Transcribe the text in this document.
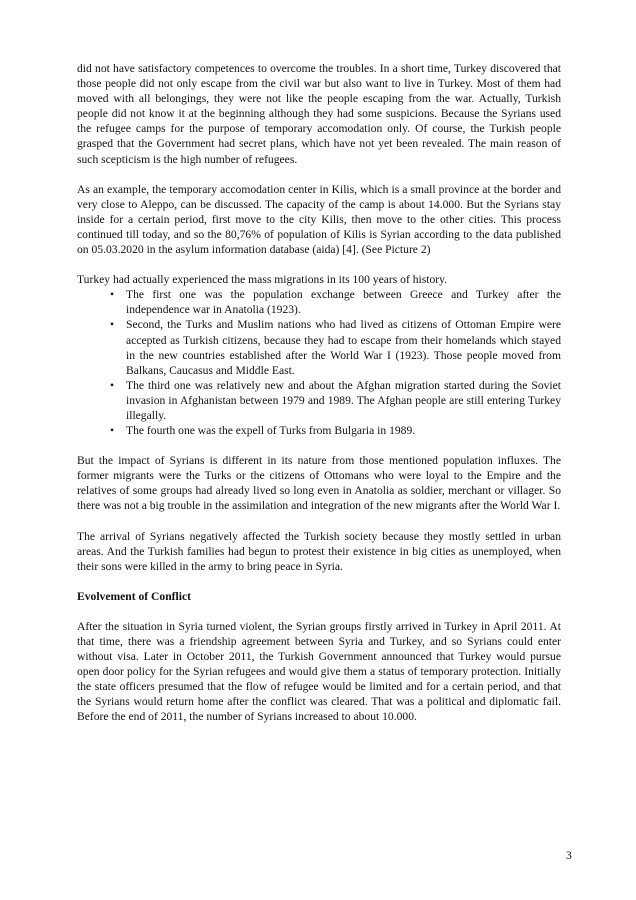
did not have satisfactory competences to overcome the troubles. In a short time, Turkey discovered that those people did not only escape from the civil war but also want to live in Turkey. Most of them had moved with all belongings, they were not like the people escaping from the war. Actually, Turkish people did not know it at the beginning although they had some suspicions. Because the Syrians used the refugee camps for the purpose of temporary accomodation only. Of course, the Turkish people grasped that the Government had secret plans, which have not yet been revealed. The main reason of such scepticism is the high number of refugees.

As an example, the temporary accomodation center in Kilis, which is a small province at the border and very close to Aleppo, can be discussed. The capacity of the camp is about 14.000. But the Syrians stay inside for a certain period, first move to the city Kilis, then move to the other cities. This process continued till today, and so the 80,76% of population of Kilis is Syrian according to the data published on 05.03.2020 in the asylum information database (aida) [4]. (See Picture 2)

Turkey had actually experienced the mass migrations in its 100 years of history.

• The first one was the population exchange between Greece and Turkey after the independence war in Anatolia (1923).
• Second, the Turks and Muslim nations who had lived as citizens of Ottoman Empire were accepted as Turkish citizens, because they had to escape from their homelands which stayed in the new countries established after the World War I (1923). Those people moved from Balkans, Caucasus and Middle East.
• The third one was relatively new and about the Afghan migration started during the Soviet invasion in Afghanistan between 1979 and 1989. The Afghan people are still entering Turkey illegally.
• The fourth one was the expell of Turks from Bulgaria in 1989.

But the impact of Syrians is different in its nature from those mentioned population influxes. The former migrants were the Turks or the citizens of Ottomans who were loyal to the Empire and the relatives of some groups had already lived so long even in Anatolia as soldier, merchant or villager. So there was not a big trouble in the assimilation and integration of the new migrants after the World War I.

The arrival of Syrians negatively affected the Turkish society because they mostly settled in urban areas. And the Turkish families had begun to protest their existence in big cities as unemployed, when their sons were killed in the army to bring peace in Syria.

Evolvement of Conflict

After the situation in Syria turned violent, the Syrian groups firstly arrived in Turkey in April 2011. At that time, there was a friendship agreement between Syria and Turkey, and so Syrians could enter without visa. Later in October 2011, the Turkish Government announced that Turkey would pursue open door policy for the Syrian refugees and would give them a status of temporary protection. Initially the state officers presumed that the flow of refugee would be limited and for a certain period, and that the Syrians would return home after the conflict was cleared. That was a political and diplomatic fail. Before the end of 2011, the number of Syrians increased to about 10.000.

3
